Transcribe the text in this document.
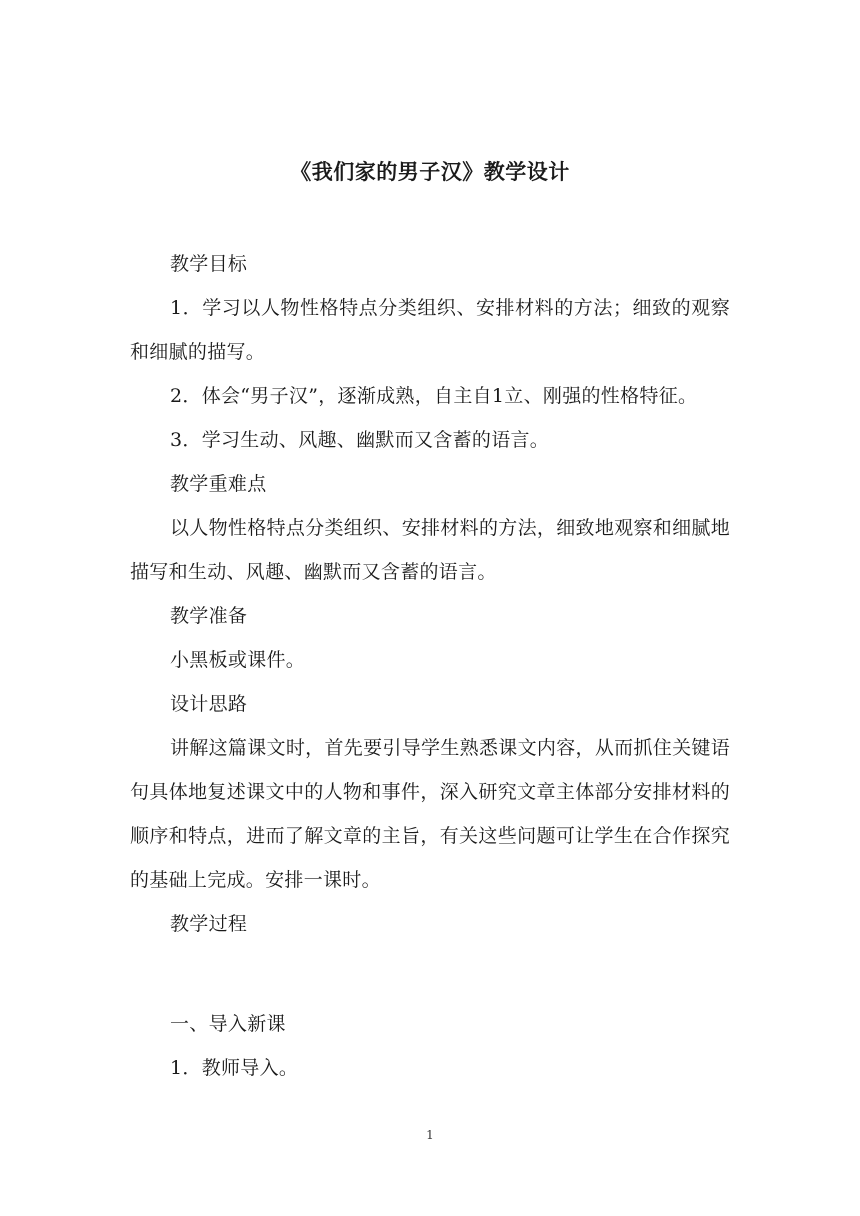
《我们家的男子汉》教学设计
教学目标
1．学习以人物性格特点分类组织、安排材料的方法；细致的观察和细腻的描写。
2．体会“男子汉”，逐渐成熟，自主自1立、刚强的性格特征。
3．学习生动、风趣、幽默而又含蓄的语言。
教学重难点
以人物性格特点分类组织、安排材料的方法，细致地观察和细腻地描写和生动、风趣、幽默而又含蓄的语言。
教学准备
小黑板或课件。
设计思路
讲解这篇课文时，首先要引导学生熟悉课文内容，从而抓住关键语句具体地复述课文中的人物和事件，深入研究文章主体部分安排材料的顺序和特点，进而了解文章的主旨，有关这些问题可让学生在合作探究的基础上完成。安排一课时。
教学过程
一、导入新课
1．教师导入。
1
